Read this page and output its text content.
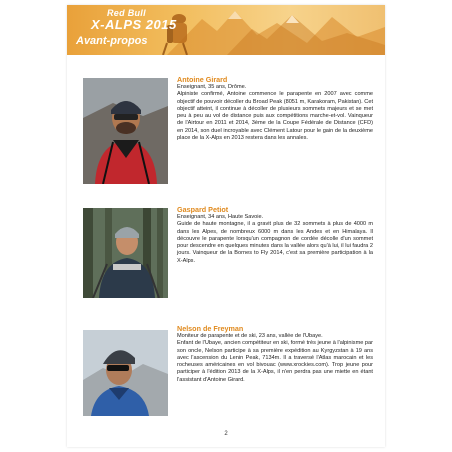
Red Bull
X-ALPS 2015
Avant-propos
Antoine Girard
Enseignant, 35 ans, Drôme.
Alpiniste confirmé, Antoine commence le parapente en 2007 avec comme objectif de pouvoir décoller du Broad Peak (8051 m, Karakoram, Pakistan). Cet objectif atteint, il continue à décoller de plusieurs sommets majeurs et se met peu à peu au vol de distance puis aux compétitions marche-et-vol. Vainqueur de l'Airtour en 2011 et 2014, 3ème de la Coupe Fédérale de Distance (CFD) en 2014, son duel incroyable avec Clément Latour pour le gain de la deuxième place de la X-Alps en 2013 restera dans les annales.
Gaspard Petiot
Enseignant, 34 ans, Haute Savoie.
Guide de haute montagne, il a gravit plus de 32 sommets à plus de 4000 m dans les Alpes, de nombreux 6000 m dans les Andes et en Himalaya. Il découvre le parapente lorsqu'un compagnon de cordée décolle d'un sommet pour descendre en quelques minutes dans la vallée alors qu'à lui, il lui faudra 2 jours. Vainqueur de la Bornes to Fly 2014, c'est sa première participation à la X-Alps.
Nelson de Freyman
Moniteur de parapente et de ski, 23 ans, vallée de l'Ubaye.
Enfant de l'Ubaye, ancien compétiteur en ski, formé très jeune à l'alpinisme par son oncle, Nelson participe à sa première expédition au Kyrgyzstan à 19 ans avec l'ascension du Lenin Peak, 7134m. Il a traversé l'Atlas marocain et les rocheuses américaines en vol bivouac (www.xrockies.com). Trop jeune pour participer à l'édition 2013 de la X-Alps, il n'en perdra pas une miette en étant l'assistant d'Antoine Girard.
2
